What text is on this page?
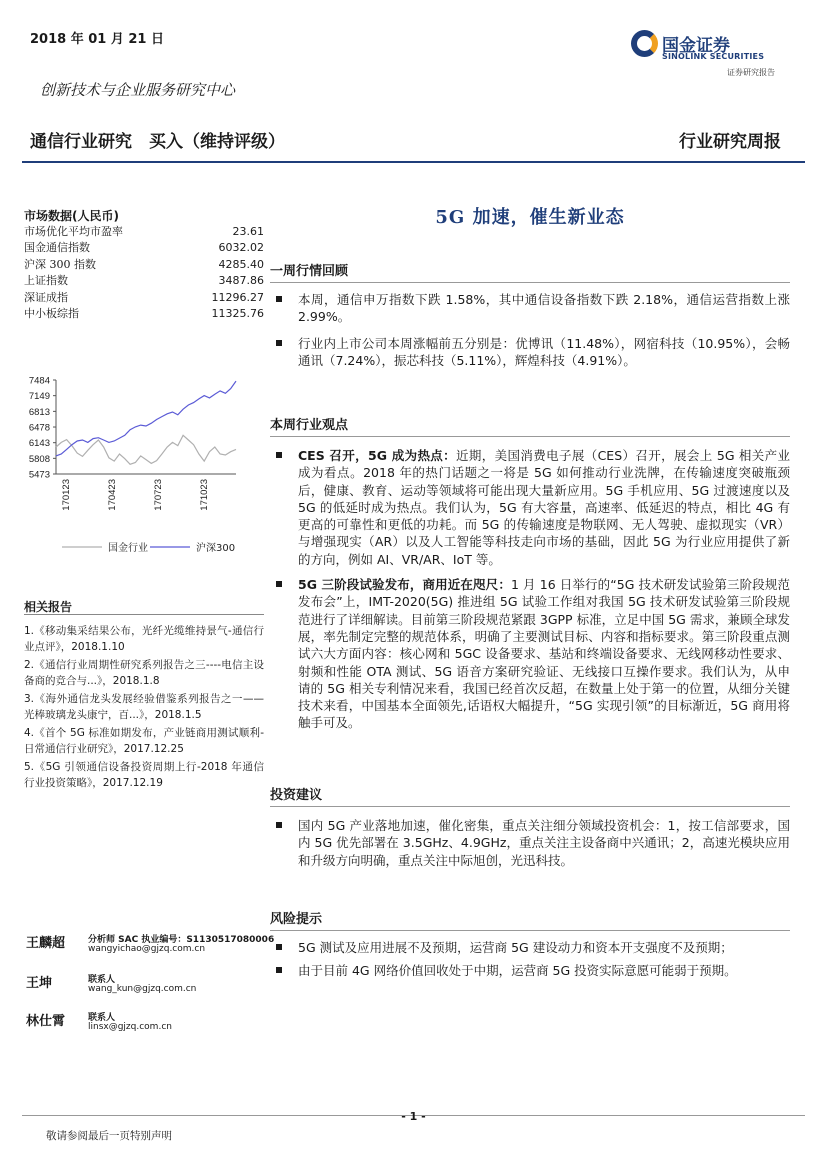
2018 年 01 月 21 日
创新技术与企业服务研究中心
通信行业研究　买入（维持评级）	行业研究周报
国金证券
SINOLINK SECURITIES
证券研究报告
市场数据(人民币)
市场优化平均市盈率	23.61
国金通信指数	6032.02
沪深 300 指数	4285.40
上证指数	3487.86
深证成指	11296.27
中小板综指	11325.76
7484
7149
6813
6478
6143
5808
5473
170123	170423	170723	171023
国金行业	沪深300
相关报告
1.《移动集采结果公布，光纤光缆维持景气-通信行业点评》，2018.1.10
2.《通信行业周期性研究系列报告之三----电信主设备商的竞合与...》，2018.1.8
3.《海外通信龙头发展经验借鉴系列报告之一——光棒玻璃龙头康宁，百...》，2018.1.5
4.《首个 5G 标准如期发布，产业链商用测试顺利-日常通信行业研究》，2017.12.25
5.《5G 引领通信设备投资周期上行-2018 年通信行业投资策略》，2017.12.19
王麟超	分析师 SAC 执业编号：S1130517080006
wangyichao@gjzq.com.cn
王坤	联系人
wang_kun@gjzq.com.cn
林仕霄	联系人
linsx@gjzq.com.cn
5G 加速，催生新业态
一周行情回顾
本周，通信申万指数下跌 1.58%，其中通信设备指数下跌 2.18%，通信运营指数上涨 2.99%。
行业内上市公司本周涨幅前五分别是：优博讯（11.48%），网宿科技（10.95%），会畅通讯（7.24%），振芯科技（5.11%），辉煌科技（4.91%）。
本周行业观点
CES 召开，5G 成为热点：近期，美国消费电子展（CES）召开，展会上 5G 相关产业成为看点。2018 年的热门话题之一将是 5G 如何推动行业洗牌，在传输速度突破瓶颈后，健康、教育、运动等领域将可能出现大量新应用。5G 手机应用、5G 过渡速度以及 5G 的低延时成为热点。我们认为，5G 有大容量，高速率、低延迟的特点，相比 4G 有更高的可靠性和更低的功耗。而 5G 的传输速度是物联网、无人驾驶、虚拟现实（VR）与增强现实（AR）以及人工智能等科技走向市场的基础，因此 5G 为行业应用提供了新的方向，例如 AI、VR/AR、IoT 等。
5G 三阶段试验发布，商用近在咫尺：1 月 16 日举行的“5G 技术研发试验第三阶段规范发布会”上，IMT-2020(5G) 推进组 5G 试验工作组对我国 5G 技术研发试验第三阶段规范进行了详细解读。目前第三阶段规范紧跟 3GPP 标准，立足中国 5G 需求，兼顾全球发展，率先制定完整的规范体系，明确了主要测试目标、内容和指标要求。第三阶段重点测试六大方面内容：核心网和 5GC 设备要求、基站和终端设备要求、无线网移动性要求、射频和性能 OTA 测试、5G 语音方案研究验证、无线接口互操作要求。我们认为，从申请的 5G 相关专利情况来看，我国已经首次反超，在数量上处于第一的位置，从细分关键技术来看，中国基本全面领先,话语权大幅提升，“5G 实现引领”的目标渐近，5G 商用将触手可及。
投资建议
国内 5G 产业落地加速，催化密集，重点关注细分领域投资机会：1，按工信部要求，国内 5G 优先部署在 3.5GHz、4.9GHz，重点关注主设备商中兴通讯；2，高速光模块应用和升级方向明确，重点关注中际旭创，光迅科技。
风险提示
5G 测试及应用进展不及预期，运营商 5G 建设动力和资本开支强度不及预期；
由于目前 4G 网络价值回收处于中期，运营商 5G 投资实际意愿可能弱于预期。
- 1 -
敬请参阅最后一页特别声明
